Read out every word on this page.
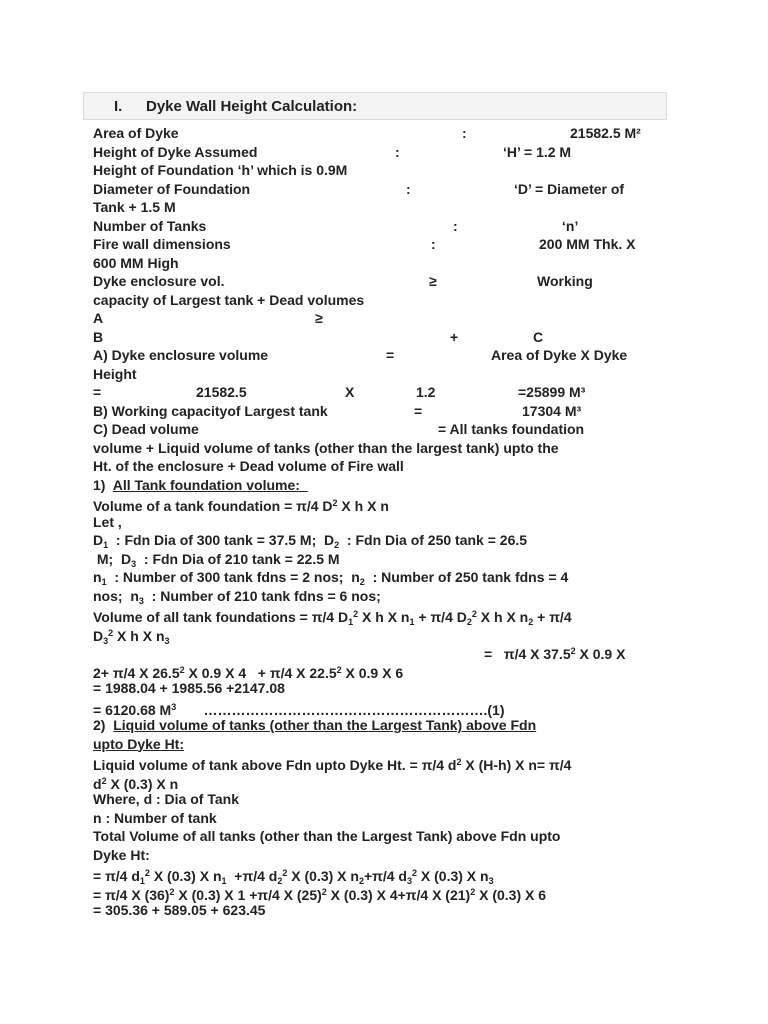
I. Dyke Wall Height Calculation:
Area of Dyke	:	21582.5 M²
Height of Dyke Assumed	:	‘H’ = 1.2 M
Height of Foundation ‘h’ which is 0.9M
Diameter of Foundation	:	‘D’ = Diameter of
Tank + 1.5 M
Number of Tanks	:	‘n’
Fire wall dimensions	:	200 MM Thk. X
600 MM High
Dyke enclosure vol.	≥	Working
capacity of Largest tank + Dead volumes
A	≥
B	+	C
A) Dyke enclosure volume	=	Area of Dyke X Dyke
Height
=	21582.5	X	1.2	=25899 M³
B) Working capacityof Largest tank	=	17304 M³
C) Dead volume	= All tanks foundation
volume + Liquid volume of tanks (other than the largest tank) upto the
Ht. of the enclosure + Dead volume of Fire wall
1)  All Tank foundation volume:
Volume of a tank foundation = π/4 $D^2$ X h X n
Let ,
$D_1$  : Fdn Dia of 300 tank = 37.5 M;  $D_2$  : Fdn Dia of 250 tank = 26.5
M;  $D_3$  : Fdn Dia of 210 tank = 22.5 M
$n_1$  : Number of 300 tank fdns = 2 nos;  $n_2$  : Number of 250 tank fdns = 4
nos;  $n_3$  : Number of 210 tank fdns = 6 nos;
Volume of all tank foundations = π/4 $D_1^2$ X h X $n_1 + \pi/4$ $D_2^2$ X h X $n_2 + \pi/4$
$D_3^2$ X h X $n_3$
=   π/4 X 37.5$^2$ X 0.9 X
2+ π/4 X 26.5$^2$ X 0.9 X 4   + π/4 X 22.5$^2$ X 0.9 X 6
= 1988.04 + 1985.56 +2147.08
= 6120.68 $M^3$       …………………………………………………….(1)
2)  Liquid volume of tanks (other than the Largest Tank) above Fdn
upto Dyke Ht:
Liquid volume of tank above Fdn upto Dyke Ht. = π/4 $d^2$ X (H-h) X n= π/4
$d^2$ X (0.3) X n
Where, d : Dia of Tank
n : Number of tank
Total Volume of all tanks (other than the Largest Tank) above Fdn upto
Dyke Ht:
= π/4 $d_1^2$ X (0.3) X $n_1 +\pi/4$ $d_2^2$ X (0.3) X $n_2+\pi/4$ $d_3^2$ X (0.3) X $n_3$
= π/4 X $(36)^2$ X (0.3) X 1 +π/4 X $(25)^2$ X (0.3) X 4+π/4 X $(21)^2$ X (0.3) X 6
= 305.36 + 589.05 + 623.45
